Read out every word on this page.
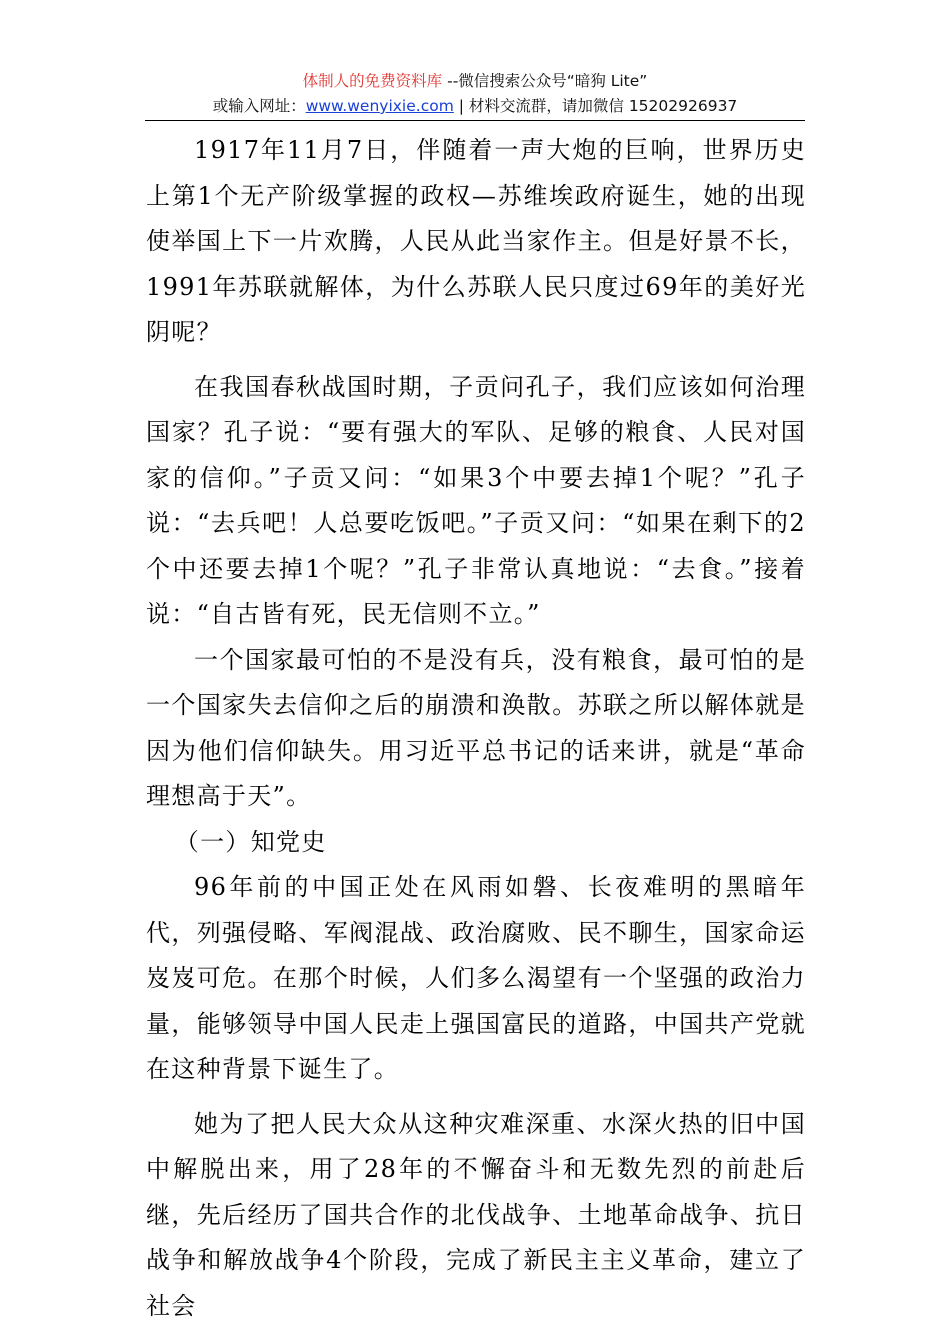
体制人的免费资料库 --微信搜索公众号“暗狗 Lite”
或输入网址：www.wenyixie.com | 材料交流群，请加微信 15202926937

1917年11月7日，伴随着一声大炮的巨响，世界历史上第1个无产阶级掌握的政权—苏维埃政府诞生，她的出现使举国上下一片欢腾，人民从此当家作主。但是好景不长，1991年苏联就解体，为什么苏联人民只度过69年的美好光阴呢？

在我国春秋战国时期，子贡问孔子，我们应该如何治理国家？孔子说：“要有强大的军队、足够的粮食、人民对国家的信仰。”子贡又问：“如果3个中要去掉1个呢？”孔子说：“去兵吧！人总要吃饭吧。”子贡又问：“如果在剩下的2个中还要去掉1个呢？”孔子非常认真地说：“去食。”接着说：“自古皆有死，民无信则不立。”

一个国家最可怕的不是没有兵，没有粮食，最可怕的是一个国家失去信仰之后的崩溃和涣散。苏联之所以解体就是因为他们信仰缺失。用习近平总书记的话来讲，就是“革命理想高于天”。

（一）知党史

96年前的中国正处在风雨如磐、长夜难明的黑暗年代，列强侵略、军阀混战、政治腐败、民不聊生，国家命运岌岌可危。在那个时候，人们多么渴望有一个坚强的政治力量，能够领导中国人民走上强国富民的道路，中国共产党就在这种背景下诞生了。

她为了把人民大众从这种灾难深重、水深火热的旧中国中解脱出来，用了28年的不懈奋斗和无数先烈的前赴后继，先后经历了国共合作的北伐战争、土地革命战争、抗日战争和解放战争4个阶段，完成了新民主主义革命，建立了社会
